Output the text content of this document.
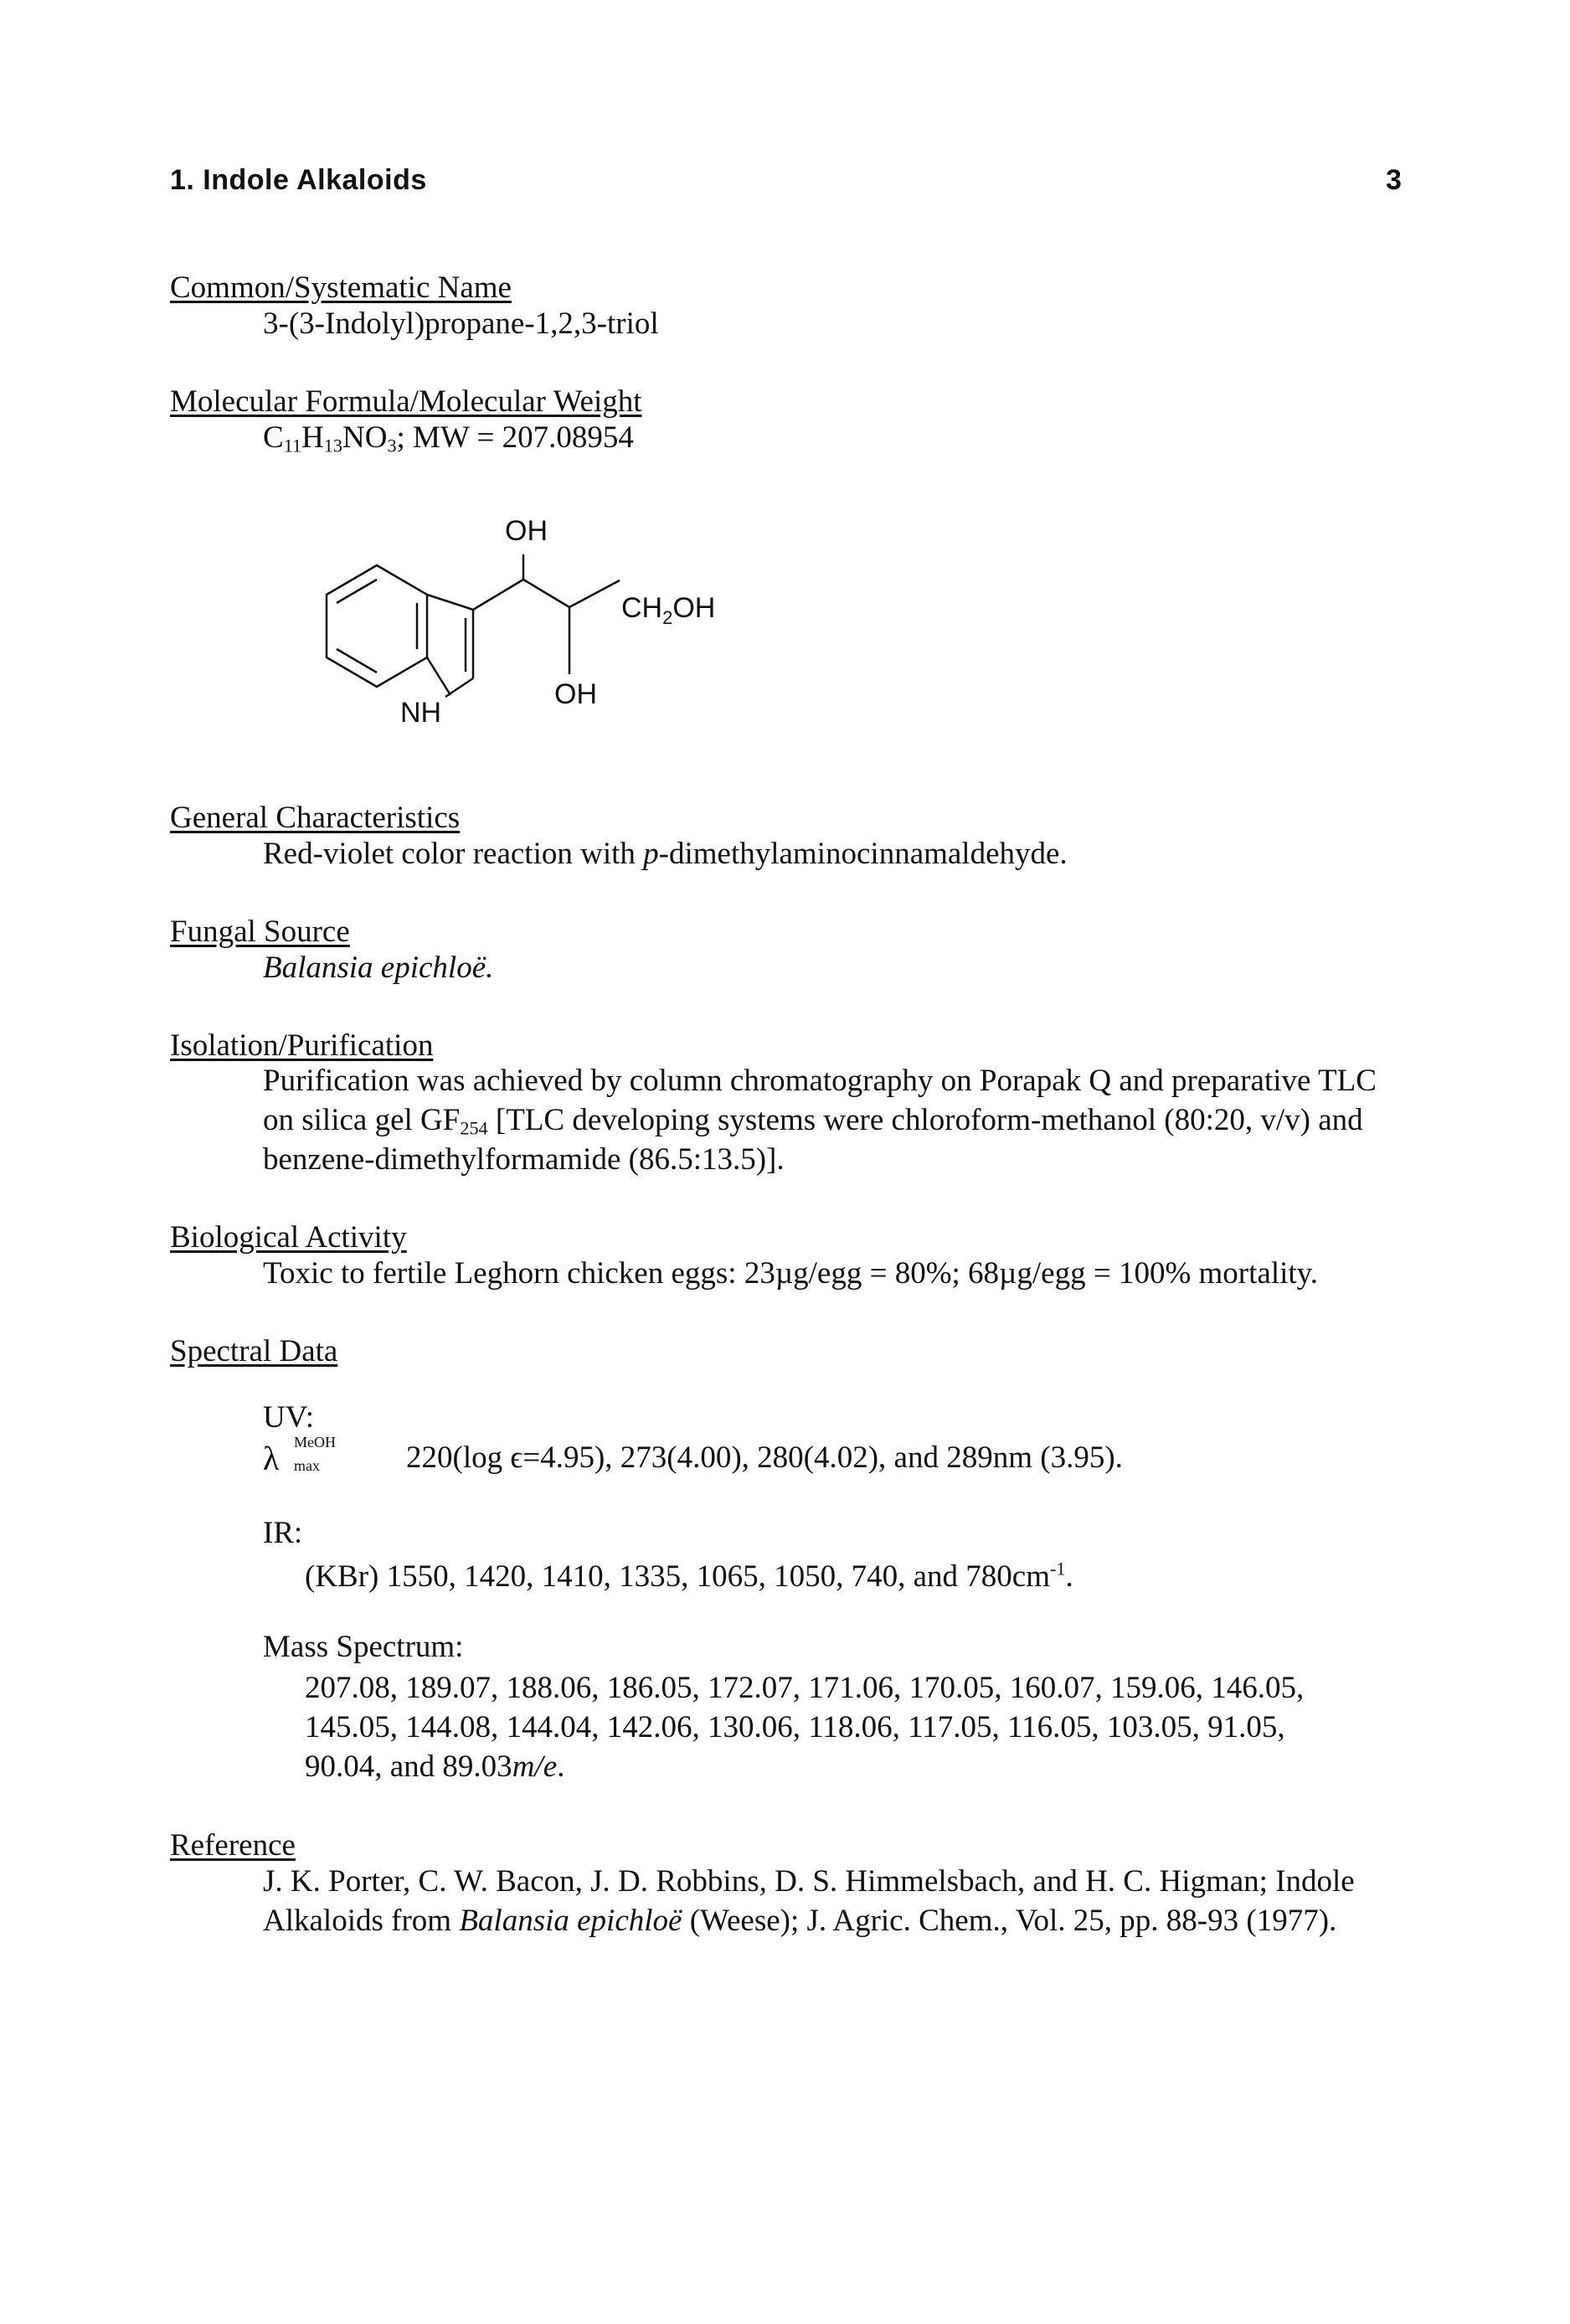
1. Indole Alkaloids	3
Common/Systematic Name
3-(3-Indolyl)propane-1,2,3-triol
Molecular Formula/Molecular Weight
$C_{11}H_{13}NO_3$; MW = 207.08954
NH
OH
OH
$CH_2OH$
General Characteristics
Red-violet color reaction with p-dimethylaminocinnamaldehyde.
Fungal Source
Balansia epichloë.
Isolation/Purification
Purification was achieved by column chromatography on Porapak Q and preparative TLC
on silica gel $GF_{254}$ [TLC developing systems were chloroform-methanol (80:20, v/v) and
benzene-dimethylformamide (86.5:13.5)].
Biological Activity
Toxic to fertile Leghorn chicken eggs: 23µg/egg = 80%; 68µg/egg = 100% mortality.
Spectral Data
UV:
λ MeOH
max	220(log ϵ=4.95), 273(4.00), 280(4.02), and 289nm (3.95).
IR:
(KBr) 1550, 1420, 1410, 1335, 1065, 1050, 740, and $780cm^{-1}$.
Mass Spectrum:
207.08, 189.07, 188.06, 186.05, 172.07, 171.06, 170.05, 160.07, 159.06, 146.05,
145.05, 144.08, 144.04, 142.06, 130.06, 118.06, 117.05, 116.05, 103.05, 91.05,
90.04, and 89.03m/e.
Reference
J. K. Porter, C. W. Bacon, J. D. Robbins, D. S. Himmelsbach, and H. C. Higman; Indole
Alkaloids from Balansia epichloë (Weese); J. Agric. Chem., Vol. 25, pp. 88-93 (1977).
